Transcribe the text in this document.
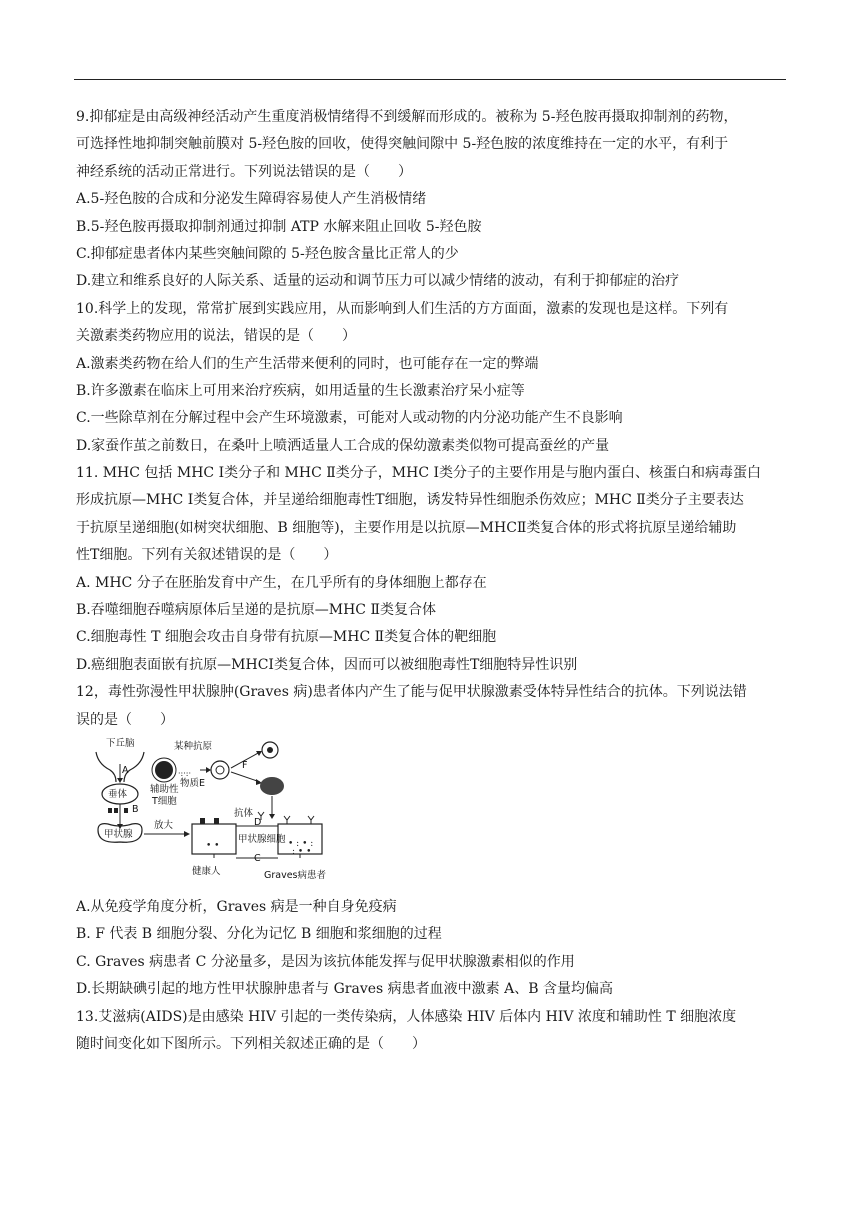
9.抑郁症是由高级神经活动产生重度消极情绪得不到缓解而形成的。被称为 5-羟色胺再摄取抑制剂的药物，
可选择性地抑制突触前膜对 5-羟色胺的回收，使得突触间隙中 5-羟色胺的浓度维持在一定的水平，有利于
神经系统的活动正常进行。下列说法错误的是（　　）
A.5-羟色胺的合成和分泌发生障碍容易使人产生消极情绪
B.5-羟色胺再摄取抑制剂通过抑制 ATP 水解来阻止回收 5-羟色胺
C.抑郁症患者体内某些突触间隙的 5-羟色胺含量比正常人的少
D.建立和维系良好的人际关系、适量的运动和调节压力可以减少情绪的波动，有利于抑郁症的治疗
10.科学上的发现，常常扩展到实践应用，从而影响到人们生活的方方面面，激素的发现也是这样。下列有
关激素类药物应用的说法，错误的是（　　）
A.激素类药物在给人们的生产生活带来便利的同时，也可能存在一定的弊端
B.许多激素在临床上可用来治疗疾病，如用适量的生长激素治疗呆小症等
C.一些除草剂在分解过程中会产生环境激素，可能对人或动物的内分泌功能产生不良影响
D.家蚕作茧之前数日，在桑叶上喷洒适量人工合成的保幼激素类似物可提高蚕丝的产量
11. MHC 包括 MHC Ⅰ类分子和 MHC Ⅱ类分子，MHC Ⅰ类分子的主要作用是与胞内蛋白、核蛋白和病毒蛋白
形成抗原—MHC Ⅰ类复合体，并呈递给细胞毒性T细胞，诱发特异性细胞杀伤效应；MHC Ⅱ类分子主要表达
于抗原呈递细胞(如树突状细胞、B 细胞等)，主要作用是以抗原—MHCⅡ类复合体的形式将抗原呈递给辅助
性T细胞。下列有关叙述错误的是（　　）
A. MHC 分子在胚胎发育中产生，在几乎所有的身体细胞上都存在
B.吞噬细胞吞噬病原体后呈递的是抗原—MHC Ⅱ类复合体
C.细胞毒性 T 细胞会攻击自身带有抗原—MHC Ⅱ类复合体的靶细胞
D.癌细胞表面嵌有抗原—MHCⅠ类复合体，因而可以被细胞毒性T细胞特异性识别
12，毒性弥漫性甲状腺肿(Graves 病)患者体内产生了能与促甲状腺激素受体特异性结合的抗体。下列说法错
误的是（　　）
·:·:·
• •	• : • :
: • •
下丘脑
A
垂体
B
甲状腺
放大
某种抗原
物质E
辅助性
T细胞
F
抗体
D
甲状腺细胞
C
健康人	Graves病患者
A.从免疫学角度分析，Graves 病是一种自身免疫病
B. F 代表 B 细胞分裂、分化为记忆 B 细胞和浆细胞的过程
C. Graves 病患者 C 分泌量多，是因为该抗体能发挥与促甲状腺激素相似的作用
D.长期缺碘引起的地方性甲状腺肿患者与 Graves 病患者血液中激素 A、B 含量均偏高
13.艾滋病(AIDS)是由感染 HIV 引起的一类传染病，人体感染 HIV 后体内 HIV 浓度和辅助性 T 细胞浓度
随时间变化如下图所示。下列相关叙述正确的是（　　）
